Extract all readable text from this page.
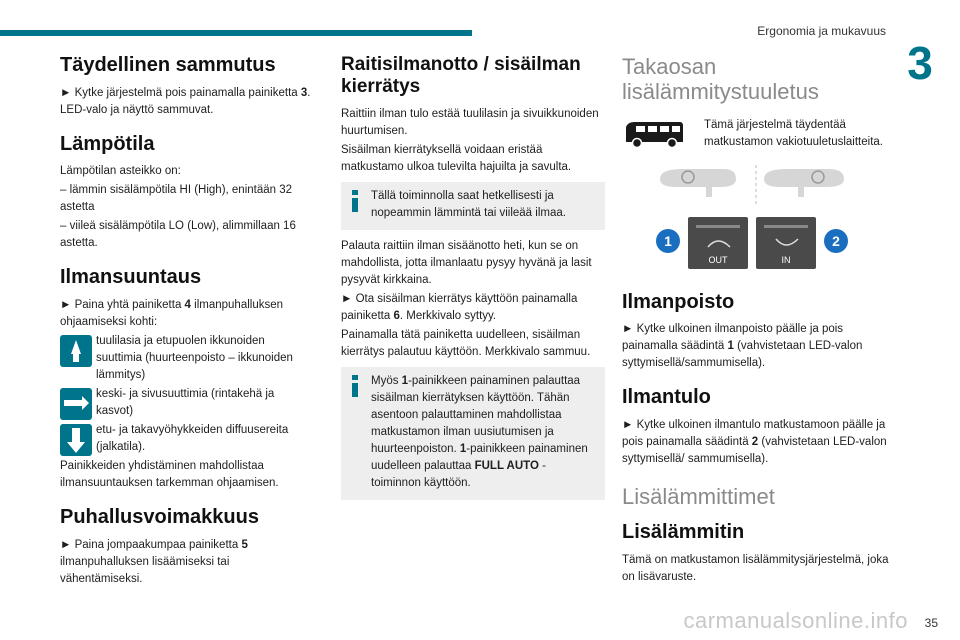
Ergonomia ja mukavuus
3
Täydellinen sammutus

► Kytke järjestelmä pois painamalla painiketta 3. LED-valo ja näyttö sammuvat.

Lämpötila

Lämpötilan asteikko on:

– lämmin sisälämpötila HI (High), enintään 32 astetta

– viileä sisälämpötila LO (Low), alimmillaan 16 astetta.

Ilmansuuntaus

► Paina yhtä painiketta 4 ilmanpuhalluksen ohjaamiseksi kohti:

tuulilasia ja etupuolen ikkunoiden suuttimia (huurteenpoisto – ikkunoiden lämmitys)

keski- ja sivusuuttimia (rintakehä ja kasvot)

etu- ja takavyöhykkeiden diffuusereita (jalkatila).

Painikkeiden yhdistäminen mahdollistaa ilmansuuntauksen tarkemman ohjaamisen.

Puhallusvoimakkuus

► Paina jompaakumpaa painiketta 5 ilmanpuhalluksen lisäämiseksi tai vähentämiseksi.

Raitisilmanotto / sisäilman kierrätys

Raittiin ilman tulo estää tuulilasin ja sivuikkunoiden huurtumisen.

Sisäilman kierrätyksellä voidaan eristää matkustamo ulkoa tulevilta hajuilta ja savulta.

Tällä toiminnolla saat hetkellisesti ja nopeammin lämmintä tai viileää ilmaa.

Palauta raittiin ilman sisäänotto heti, kun se on mahdollista, jotta ilmanlaatu pysyy hyvänä ja lasit pysyvät kirkkaina.

► Ota sisäilman kierrätys käyttöön painamalla painiketta 6. Merkkivalo syttyy.

Painamalla tätä painiketta uudelleen, sisäilman kierrätys palautuu käyttöön. Merkkivalo sammuu.

Myös 1-painikkeen painaminen palauttaa sisäilman kierrätyksen käyttöön. Tähän asentoon palauttaminen mahdollistaa matkustamon ilman uusiutumisen ja huurteenpoiston. 1-painikkeen painaminen uudelleen palauttaa FULL AUTO -toiminnon käyttöön.

Takaosan lisälämmitystuuletus

Tämä järjestelmä täydentää matkustamon vakiotuuletuslaitteita.

OUT	IN
1	2
Ilmanpoisto

► Kytke ulkoinen ilmanpoisto päälle ja pois painamalla säädintä 1 (vahvistetaan LED-valon syttymisellä/sammumisella).

Ilmantulo

► Kytke ulkoinen ilmantulo matkustamoon päälle ja pois painamalla säädintä 2 (vahvistetaan LED-valon syttymisellä/ sammumisella).

Lisälämmittimet
Lisälämmitin

Tämä on matkustamon lisälämmitysjärjestelmä, joka on lisävaruste.

carmanualsonline.info 35
